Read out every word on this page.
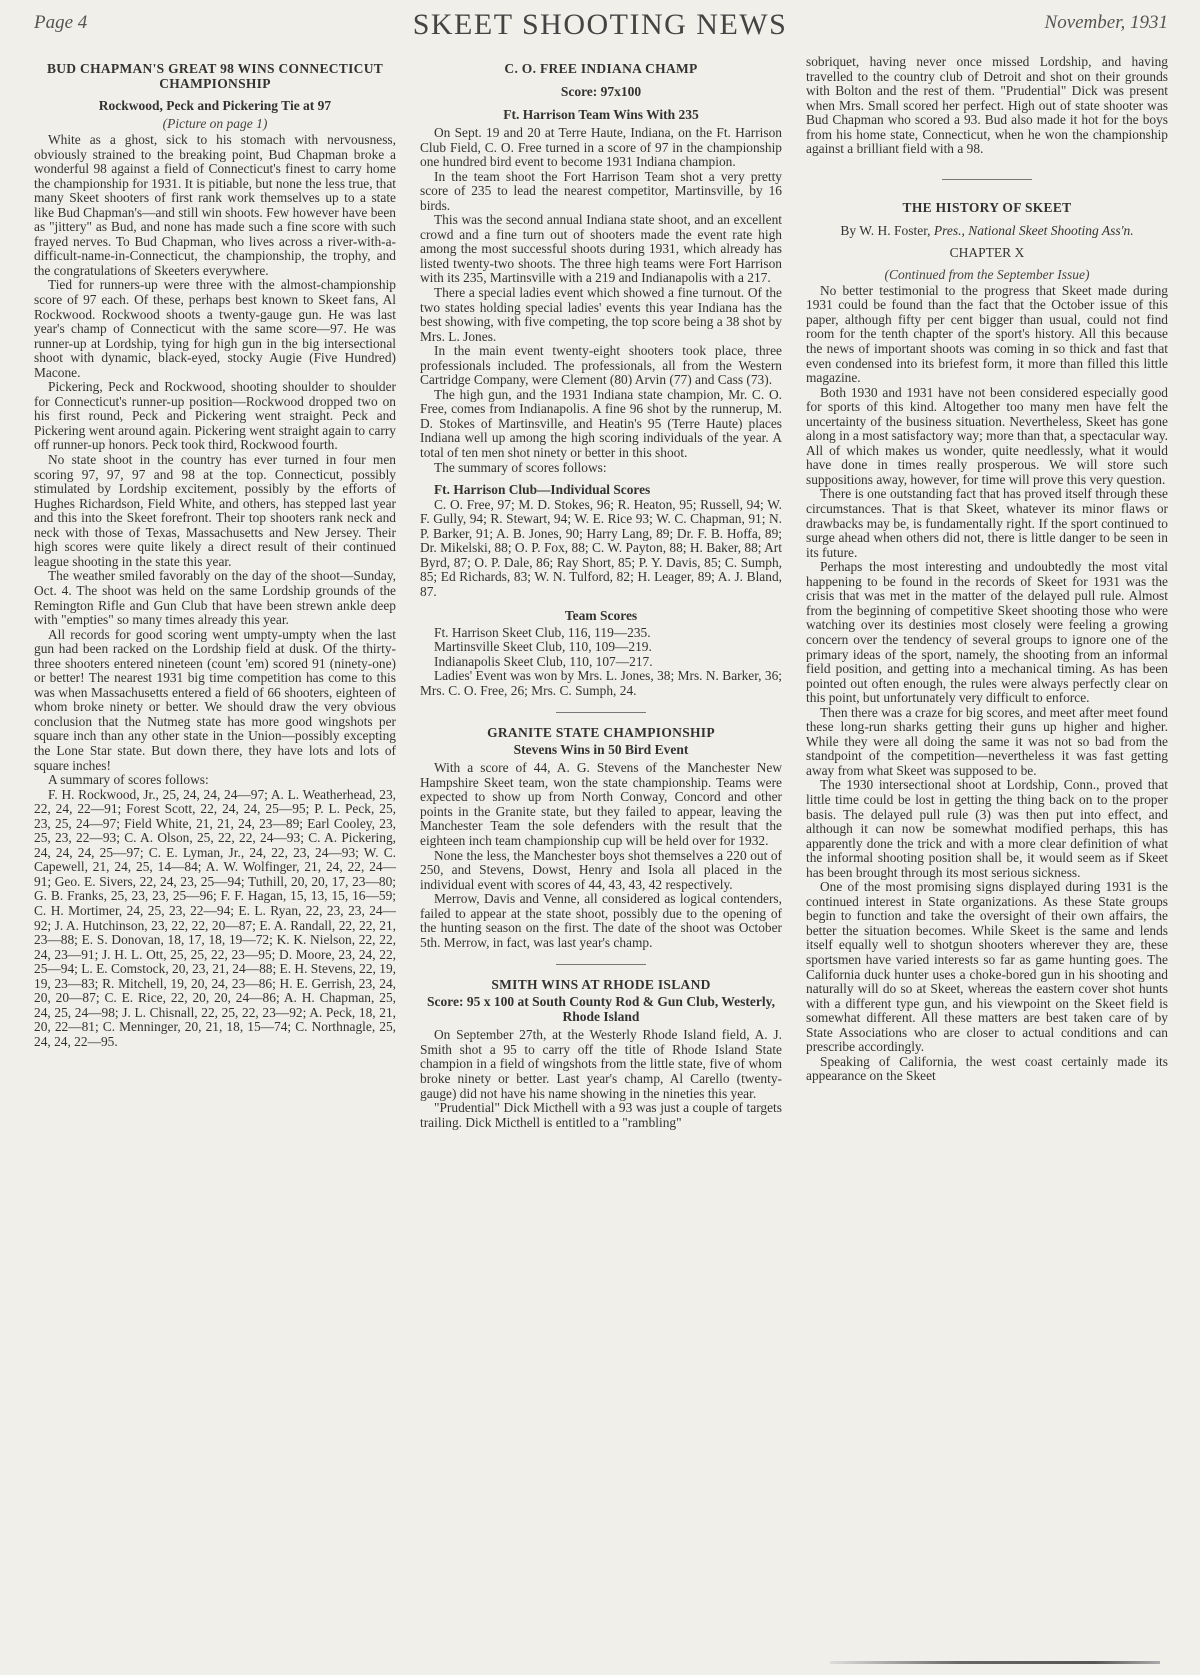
Page 4	SKEET SHOOTING NEWS	November, 1931
BUD CHAPMAN'S GREAT 98 WINS CONNECTICUT CHAMPIONSHIP
Rockwood, Peck and Pickering Tie at 97
(Picture on page 1)

White as a ghost, sick to his stomach with nervousness, obviously strained to the breaking point, Bud Chapman broke a wonderful 98 against a field of Connecticut's finest to carry home the championship for 1931. It is pitiable, but none the less true, that many Skeet shooters of first rank work themselves up to a state like Bud Chapman's—and still win shoots. Few however have been as "jittery" as Bud, and none has made such a fine score with such frayed nerves. To Bud Chapman, who lives across a river-with-a-difficult-name-in-Connecticut, the championship, the trophy, and the congratulations of Skeeters everywhere.

Tied for runners-up were three with the almost-championship score of 97 each. Of these, perhaps best known to Skeet fans, Al Rockwood. Rockwood shoots a twenty-gauge gun. He was last year's champ of Connecticut with the same score—97. He was runner-up at Lordship, tying for high gun in the big intersectional shoot with dynamic, black-eyed, stocky Augie (Five Hundred) Macone.

Pickering, Peck and Rockwood, shooting shoulder to shoulder for Connecticut's runner-up position—Rockwood dropped two on his first round, Peck and Pickering went straight. Peck and Pickering went around again. Pickering went straight again to carry off runner-up honors. Peck took third, Rockwood fourth.

No state shoot in the country has ever turned in four men scoring 97, 97, 97 and 98 at the top. Connecticut, possibly stimulated by Lordship excitement, possibly by the efforts of Hughes Richardson, Field White, and others, has stepped last year and this into the Skeet forefront. Their top shooters rank neck and neck with those of Texas, Massachusetts and New Jersey. Their high scores were quite likely a direct result of their continued league shooting in the state this year.

The weather smiled favorably on the day of the shoot—Sunday, Oct. 4. The shoot was held on the same Lordship grounds of the Remington Rifle and Gun Club that have been strewn ankle deep with "empties" so many times already this year.

All records for good scoring went umpty-umpty when the last gun had been racked on the Lordship field at dusk. Of the thirty-three shooters entered nineteen (count 'em) scored 91 (ninety-one) or better! The nearest 1931 big time competition has come to this was when Massachusetts entered a field of 66 shooters, eighteen of whom broke ninety or better. We should draw the very obvious conclusion that the Nutmeg state has more good wingshots per square inch than any other state in the Union—possibly excepting the Lone Star state. But down there, they have lots and lots of square inches!

A summary of scores follows:

F. H. Rockwood, Jr., 25, 24, 24, 24—97; A. L. Weatherhead, 23, 22, 24, 22—91; Forest Scott, 22, 24, 24, 25—95; P. L. Peck, 25, 23, 25, 24—97; Field White, 21, 21, 24, 23—89; Earl Cooley, 23, 25, 23, 22—93; C. A. Olson, 25, 22, 22, 24—93; C. A. Pickering, 24, 24, 24, 25—97; C. E. Lyman, Jr., 24, 22, 23, 24—93; W. C. Capewell, 21, 24, 25, 14—84; A. W. Wolfinger, 21, 24, 22, 24—91; Geo. E. Sivers, 22, 24, 23, 25—94; Tuthill, 20, 20, 17, 23—80; G. B. Franks, 25, 23, 23, 25—96; F. F. Hagan, 15, 13, 15, 16—59; C. H. Mortimer, 24, 25, 23, 22—94; E. L. Ryan, 22, 23, 23, 24—92; J. A. Hutchinson, 23, 22, 22, 20—87; E. A. Randall, 22, 22, 21, 23—88; E. S. Donovan, 18, 17, 18, 19—72; K. K. Nielson, 22, 22, 24, 23—91; J. H. L. Ott, 25, 25, 22, 23—95; D. Moore, 23, 24, 22, 25—94; L. E. Comstock, 20, 23, 21, 24—88; E. H. Stevens, 22, 19, 19, 23—83; R. Mitchell, 19, 20, 24, 23—86; H. E. Gerrish, 23, 24, 20, 20—87; C. E. Rice, 22, 20, 20, 24—86; A. H. Chapman, 25, 24, 25, 24—98; J. L. Chisnall, 22, 25, 22, 23—92; A. Peck, 18, 21, 20, 22—81; C. Menninger, 20, 21, 18, 15—74; C. Northnagle, 25, 24, 24, 22—95.

C. O. FREE INDIANA CHAMP
Score: 97x100
Ft. Harrison Team Wins With 235

On Sept. 19 and 20 at Terre Haute, Indiana, on the Ft. Harrison Club Field, C. O. Free turned in a score of 97 in the championship one hundred bird event to become 1931 Indiana champion.

In the team shoot the Fort Harrison Team shot a very pretty score of 235 to lead the nearest competitor, Martinsville, by 16 birds.

This was the second annual Indiana state shoot, and an excellent crowd and a fine turn out of shooters made the event rate high among the most successful shoots during 1931, which already has listed twenty-two shoots. The three high teams were Fort Harrison with its 235, Martinsville with a 219 and Indianapolis with a 217.

There a special ladies event which showed a fine turnout. Of the two states holding special ladies' events this year Indiana has the best showing, with five competing, the top score being a 38 shot by Mrs. L. Jones.

In the main event twenty-eight shooters took place, three professionals included. The professionals, all from the Western Cartridge Company, were Clement (80) Arvin (77) and Cass (73).

The high gun, and the 1931 Indiana state champion, Mr. C. O. Free, comes from Indianapolis. A fine 96 shot by the runnerup, M. D. Stokes of Martinsville, and Heatin's 95 (Terre Haute) places Indiana well up among the high scoring individuals of the year. A total of ten men shot ninety or better in this shoot.

The summary of scores follows:

Ft. Harrison Club—Individual Scores

C. O. Free, 97; M. D. Stokes, 96; R. Heaton, 95; Russell, 94; W. F. Gully, 94; R. Stewart, 94; W. E. Rice 93; W. C. Chapman, 91; N. P. Barker, 91; A. B. Jones, 90; Harry Lang, 89; Dr. F. B. Hoffa, 89; Dr. Mikelski, 88; O. P. Fox, 88; C. W. Payton, 88; H. Baker, 88; Art Byrd, 87; O. P. Dale, 86; Ray Short, 85; P. Y. Davis, 85; C. Sumph, 85; Ed Richards, 83; W. N. Tulford, 82; H. Leager, 89; A. J. Bland, 87.

Team Scores
Ft. Harrison Skeet Club, 116, 119—235.
Martinsville Skeet Club, 110, 109—219.
Indianapolis Skeet Club, 110, 107—217.

Ladies' Event was won by Mrs. L. Jones, 38; Mrs. N. Barker, 36; Mrs. C. O. Free, 26; Mrs. C. Sumph, 24.

GRANITE STATE CHAMPIONSHIP
Stevens Wins in 50 Bird Event

With a score of 44, A. G. Stevens of the Manchester New Hampshire Skeet team, won the state championship. Teams were expected to show up from North Conway, Concord and other points in the Granite state, but they failed to appear, leaving the Manchester Team the sole defenders with the result that the eighteen inch team championship cup will be held over for 1932.

None the less, the Manchester boys shot themselves a 220 out of 250, and Stevens, Dowst, Henry and Isola all placed in the individual event with scores of 44, 43, 43, 42 respectively.

Merrow, Davis and Venne, all considered as logical contenders, failed to appear at the state shoot, possibly due to the opening of the hunting season on the first. The date of the shoot was October 5th. Merrow, in fact, was last year's champ.

SMITH WINS AT RHODE ISLAND
Score: 95 x 100 at South County Rod & Gun Club, Westerly, Rhode Island

On September 27th, at the Westerly Rhode Island field, A. J. Smith shot a 95 to carry off the title of Rhode Island State champion in a field of wingshots from the little state, five of whom broke ninety or better. Last year's champ, Al Carello (twenty-gauge) did not have his name showing in the nineties this year.

"Prudential" Dick Micthell with a 93 was just a couple of targets trailing. Dick Micthell is entitled to a "rambling"

sobriquet, having never once missed Lordship, and having travelled to the country club of Detroit and shot on their grounds with Bolton and the rest of them. "Prudential" Dick was present when Mrs. Small scored her perfect. High out of state shooter was Bud Chapman who scored a 93. Bud also made it hot for the boys from his home state, Connecticut, when he won the championship against a brilliant field with a 98.

THE HISTORY OF SKEET
By W. H. Foster, Pres., National Skeet Shooting Ass'n.
CHAPTER X
(Continued from the September Issue)

No better testimonial to the progress that Skeet made during 1931 could be found than the fact that the October issue of this paper, although fifty per cent bigger than usual, could not find room for the tenth chapter of the sport's history. All this because the news of important shoots was coming in so thick and fast that even condensed into its briefest form, it more than filled this little magazine.

Both 1930 and 1931 have not been considered especially good for sports of this kind. Altogether too many men have felt the uncertainty of the business situation. Nevertheless, Skeet has gone along in a most satisfactory way; more than that, a spectacular way. All of which makes us wonder, quite needlessly, what it would have done in times really prosperous. We will store such suppositions away, however, for time will prove this very question.

There is one outstanding fact that has proved itself through these circumstances. That is that Skeet, whatever its minor flaws or drawbacks may be, is fundamentally right. If the sport continued to surge ahead when others did not, there is little danger to be seen in its future.

Perhaps the most interesting and undoubtedly the most vital happening to be found in the records of Skeet for 1931 was the crisis that was met in the matter of the delayed pull rule. Almost from the beginning of competitive Skeet shooting those who were watching over its destinies most closely were feeling a growing concern over the tendency of several groups to ignore one of the primary ideas of the sport, namely, the shooting from an informal field position, and getting into a mechanical timing. As has been pointed out often enough, the rules were always perfectly clear on this point, but unfortunately very difficult to enforce.

Then there was a craze for big scores, and meet after meet found these long-run sharks getting their guns up higher and higher. While they were all doing the same it was not so bad from the standpoint of the competition—nevertheless it was fast getting away from what Skeet was supposed to be.

The 1930 intersectional shoot at Lordship, Conn., proved that little time could be lost in getting the thing back on to the proper basis. The delayed pull rule (3) was then put into effect, and although it can now be somewhat modified perhaps, this has apparently done the trick and with a more clear definition of what the informal shooting position shall be, it would seem as if Skeet has been brought through its most serious sickness.

One of the most promising signs displayed during 1931 is the continued interest in State organizations. As these State groups begin to function and take the oversight of their own affairs, the better the situation becomes. While Skeet is the same and lends itself equally well to shotgun shooters wherever they are, these sportsmen have varied interests so far as game hunting goes. The California duck hunter uses a choke-bored gun in his shooting and naturally will do so at Skeet, whereas the eastern cover shot hunts with a different type gun, and his viewpoint on the Skeet field is somewhat different. All these matters are best taken care of by State Associations who are closer to actual conditions and can prescribe accordingly.

Speaking of California, the west coast certainly made its appearance on the Skeet
